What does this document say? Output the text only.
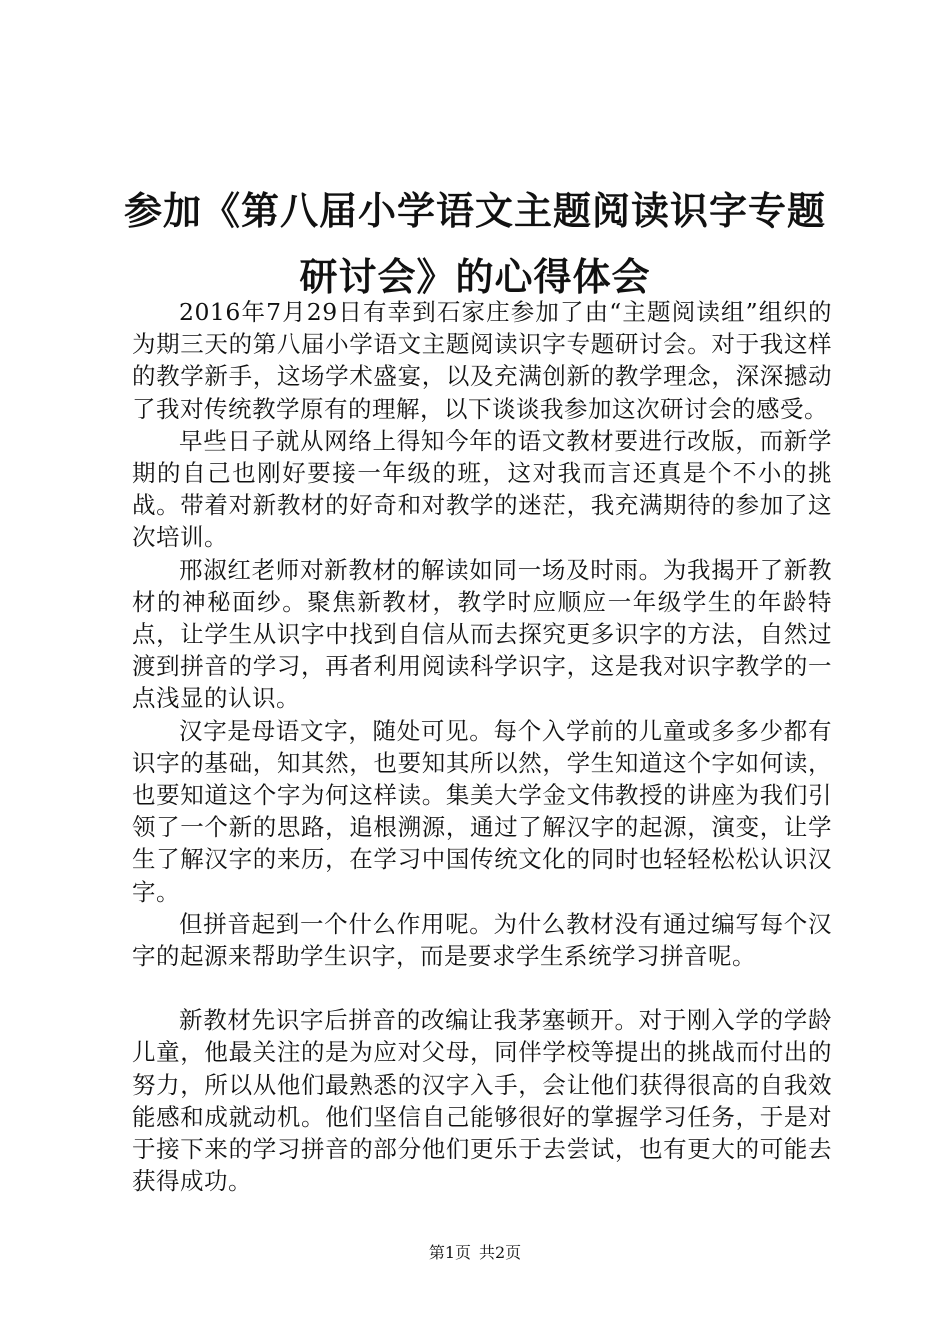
参加《第八届小学语文主题阅读识字专题研讨会》的心得体会

2016年7月29日有幸到石家庄参加了由“主题阅读组”组织的为期三天的第八届小学语文主题阅读识字专题研讨会。对于我这样的教学新手，这场学术盛宴，以及充满创新的教学理念，深深撼动了我对传统教学原有的理解，以下谈谈我参加这次研讨会的感受。

早些日子就从网络上得知今年的语文教材要进行改版，而新学期的自己也刚好要接一年级的班，这对我而言还真是个不小的挑战。带着对新教材的好奇和对教学的迷茫，我充满期待的参加了这次培训。

邢淑红老师对新教材的解读如同一场及时雨。为我揭开了新教材的神秘面纱。聚焦新教材，教学时应顺应一年级学生的年龄特点，让学生从识字中找到自信从而去探究更多识字的方法，自然过渡到拼音的学习，再者利用阅读科学识字，这是我对识字教学的一点浅显的认识。

汉字是母语文字，随处可见。每个入学前的儿童或多多少都有识字的基础，知其然，也要知其所以然，学生知道这个字如何读，也要知道这个字为何这样读。集美大学金文伟教授的讲座为我们引领了一个新的思路，追根溯源，通过了解汉字的起源，演变，让学生了解汉字的来历，在学习中国传统文化的同时也轻轻松松认识汉字。

但拼音起到一个什么作用呢。为什么教材没有通过编写每个汉字的起源来帮助学生识字，而是要求学生系统学习拼音呢。

新教材先识字后拼音的改编让我茅塞顿开。对于刚入学的学龄儿童，他最关注的是为应对父母，同伴学校等提出的挑战而付出的努力，所以从他们最熟悉的汉字入手，会让他们获得很高的自我效能感和成就动机。他们坚信自己能够很好的掌握学习任务，于是对于接下来的学习拼音的部分他们更乐于去尝试，也有更大的可能去获得成功。

第1页 共2页
